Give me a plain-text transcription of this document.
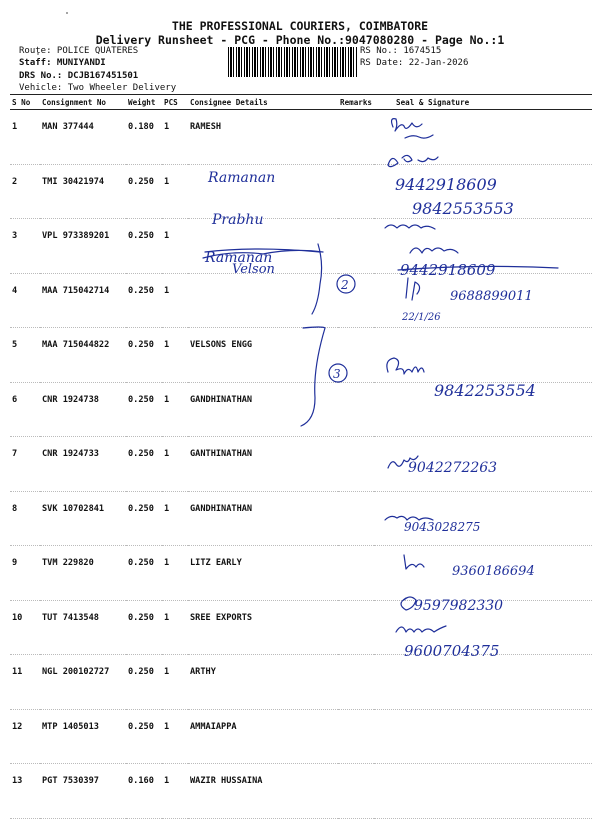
THE PROFESSIONAL COURIERS, COIMBATORE
Delivery Runsheet - PCG - Phone No.:9047080280 - Page No.:1
Route: POLICE QUATERES
Staff: MUNIYANDI
DRS No.: DCJB167451501
Vehicle: Two Wheeler Delivery
RS No.: 1674515
RS Date: 22-Jan-2026
S No	Consignment No	Weight	PCS	Consignee Details	Remarks	Seal & Signature
1	MAN 377444	0.180	1	RAMESH		
2	TMI 30421974	0.250	1			
3	VPL 973389201	0.250	1			
4	MAA 715042714	0.250	1			
5	MAA 715044822	0.250	1	VELSONS ENGG		
6	CNR 1924738	0.250	1	GANDHINATHAN		
7	CNR 1924733	0.250	1	GANTHINATHAN		
8	SVK 10702841	0.250	1	GANDHINATHAN		
9	TVM 229820	0.250	1	LITZ EARLY		
10	TUT 7413548	0.250	1	SREE EXPORTS		
11	NGL 200102727	0.250	1	ARTHY		
12	MTP 1405013	0.250	1	AMMAIAPPA		
13	PGT 7530397	0.160	1	WAZIR HUSSAINA		
Ramanan	9442918609
Prabhu
9842553553
Ramanan
Velson	9442918609
2
22/1/26
9688899011
3
9842253554
9042272263
9043028275
9360186694
9597982330
9600704375
